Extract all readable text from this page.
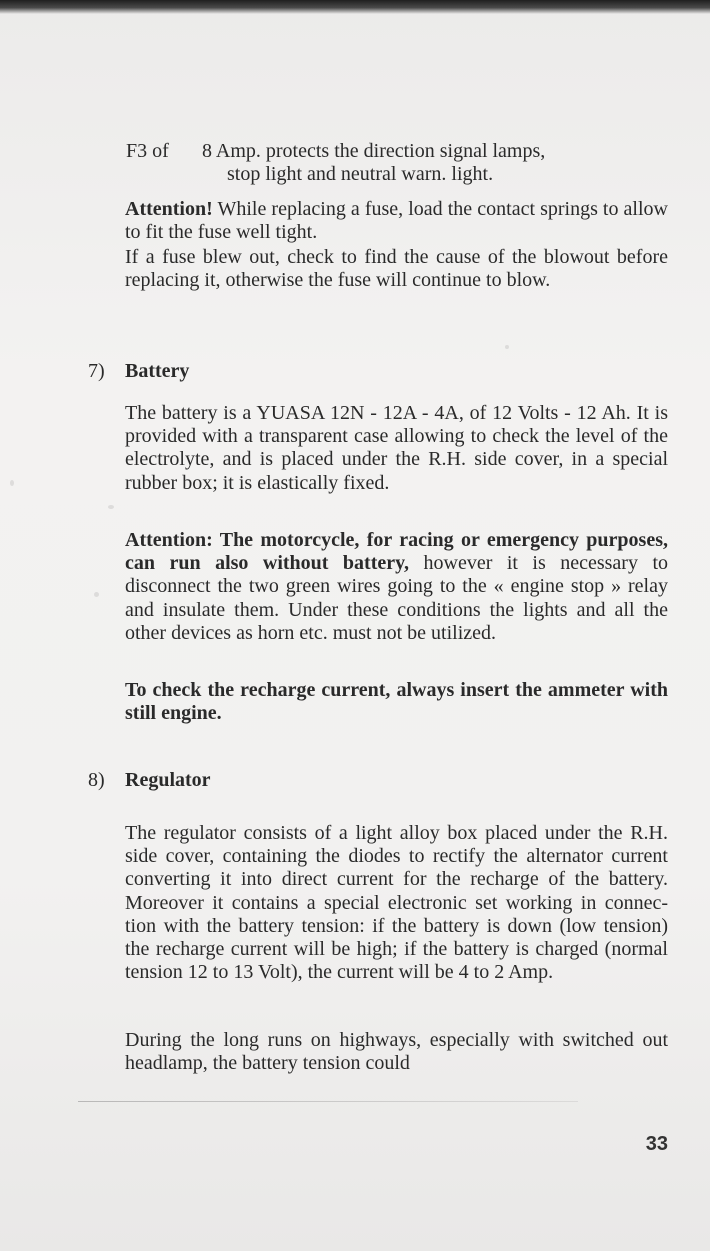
F3 of 8 Amp. protects the direction signal lamps,

stop light and neutral warn. light.

Attention! While replacing a fuse, load the contact springs to allow to fit the fuse well tight.

If a fuse blew out, check to find the cause of the blowout before replacing it, otherwise the fuse will continue to blow.

7) Battery

The battery is a YUASA 12N - 12A - 4A, of 12 Volts - 12 Ah. It is provided with a transparent case allowing to check the level of the electrolyte, and is placed under the R.H. side cover, in a special rubber box; it is elastically fixed.

Attention: The motorcycle, for racing or emergency purposes, can run also without battery, however it is necessary to disconnect the two green wires going to the « engine stop » relay and insulate them. Under these conditions the lights and all the other devices as horn etc. must not be utilized.

To check the recharge current, always insert the ammeter with still engine.

8) Regulator

The regulator consists of a light alloy box placed under the R.H. side cover, containing the diodes to rectify the alternator current converting it into direct current for the recharge of the battery. Moreover it contains a special electronic set working in connec- tion with the battery tension: if the battery is down (low tension) the recharge current will be high; if the battery is charged (normal tension 12 to 13 Volt), the current will be 4 to 2 Amp.

During the long runs on highways, especially with switched out headlamp, the battery tension could

33
